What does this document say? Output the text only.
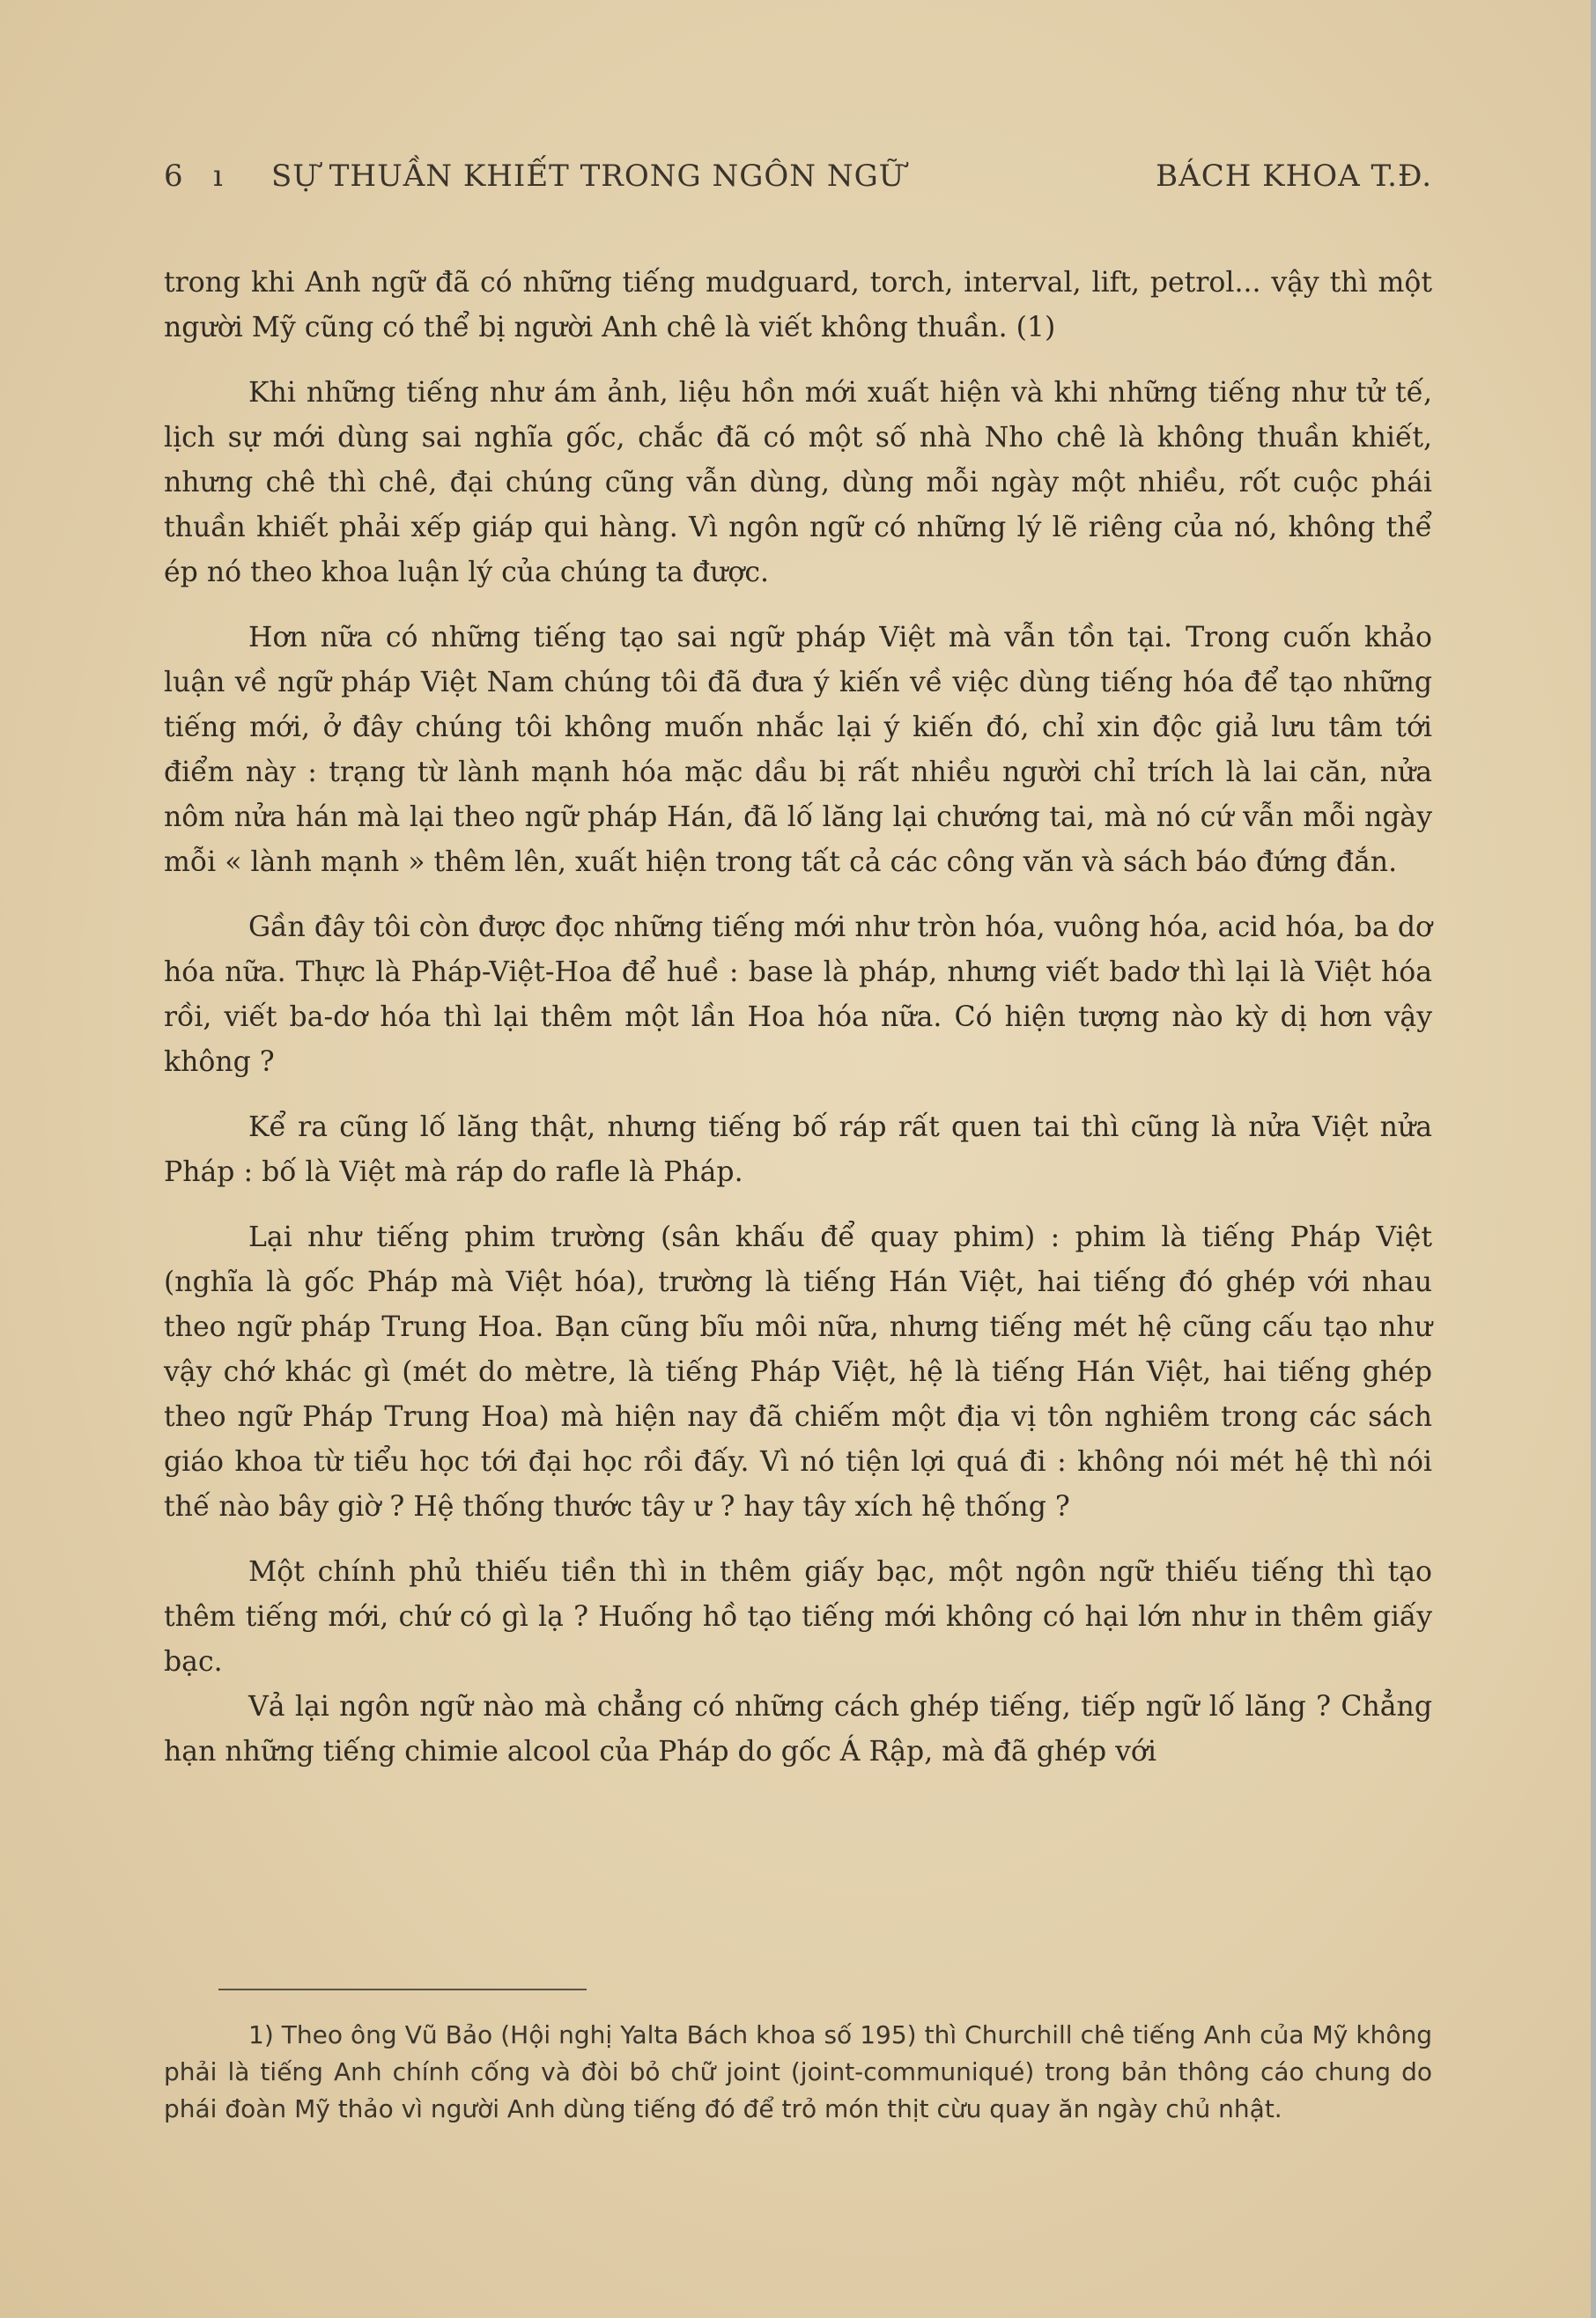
6 ı SỰ THUẦN KHIẾT TRONG NGÔN NGỮ	BÁCH KHOA T.Đ.

trong khi Anh ngữ đã có những tiếng mudguard, torch, interval, lift, petrol... vậy thì một người Mỹ cũng có thể bị người Anh chê là viết không thuần. (1)

Khi những tiếng như ám ảnh, liệu hồn mới xuất hiện và khi những tiếng như tử tế, lịch sự mới dùng sai nghĩa gốc, chắc đã có một số nhà Nho chê là không thuần khiết, nhưng chê thì chê, đại chúng cũng vẫn dùng, dùng mỗi ngày một nhiều, rốt cuộc phái thuần khiết phải xếp giáp qui hàng. Vì ngôn ngữ có những lý lẽ riêng của nó, không thể ép nó theo khoa luận lý của chúng ta được.

Hơn nữa có những tiếng tạo sai ngữ pháp Việt mà vẫn tồn tại. Trong cuốn khảo luận về ngữ pháp Việt Nam chúng tôi đã đưa ý kiến về việc dùng tiếng hóa để tạo những tiếng mới, ở đây chúng tôi không muốn nhắc lại ý kiến đó, chỉ xin độc giả lưu tâm tới điểm này : trạng từ lành mạnh hóa mặc dầu bị rất nhiều người chỉ trích là lai căn, nửa nôm nửa hán mà lại theo ngữ pháp Hán, đã lố lăng lại chướng tai, mà nó cứ vẫn mỗi ngày mỗi « lành mạnh » thêm lên, xuất hiện trong tất cả các công văn và sách báo đứng đắn.

Gần đây tôi còn được đọc những tiếng mới như tròn hóa, vuông hóa, acid hóa, ba dơ hóa nữa. Thực là Pháp-Việt-Hoa để huề : base là pháp, nhưng viết badơ thì lại là Việt hóa rồi, viết ba-dơ hóa thì lại thêm một lần Hoa hóa nữa. Có hiện tượng nào kỳ dị hơn vậy không ?

Kể ra cũng lố lăng thật, nhưng tiếng bố ráp rất quen tai thì cũng là nửa Việt nửa Pháp : bố là Việt mà ráp do rafle là Pháp.

Lại như tiếng phim trường (sân khấu để quay phim) : phim là tiếng Pháp Việt (nghĩa là gốc Pháp mà Việt hóa), trường là tiếng Hán Việt, hai tiếng đó ghép với nhau theo ngữ pháp Trung Hoa. Bạn cũng bĩu môi nữa, nhưng tiếng mét hệ cũng cấu tạo như vậy chớ khác gì (mét do mètre, là tiếng Pháp Việt, hệ là tiếng Hán Việt, hai tiếng ghép theo ngữ Pháp Trung Hoa) mà hiện nay đã chiếm một địa vị tôn nghiêm trong các sách giáo khoa từ tiểu học tới đại học rồi đấy. Vì nó tiện lợi quá đi : không nói mét hệ thì nói thế nào bây giờ ? Hệ thống thước tây ư ? hay tây xích hệ thống ?

Một chính phủ thiếu tiền thì in thêm giấy bạc, một ngôn ngữ thiếu tiếng thì tạo thêm tiếng mới, chứ có gì lạ ? Huống hồ tạo tiếng mới không có hại lớn như in thêm giấy bạc.

Vả lại ngôn ngữ nào mà chẳng có những cách ghép tiếng, tiếp ngữ lố lăng ? Chẳng hạn những tiếng chimie alcool của Pháp do gốc Á Rập, mà đã ghép với

1) Theo ông Vũ Bảo (Hội nghị Yalta Bách khoa số 195) thì Churchill chê tiếng Anh của Mỹ không phải là tiếng Anh chính cống và đòi bỏ chữ joint (joint-communiqué) trong bản thông cáo chung do phái đoàn Mỹ thảo vì người Anh dùng tiếng đó để trỏ món thịt cừu quay ăn ngày chủ nhật.
